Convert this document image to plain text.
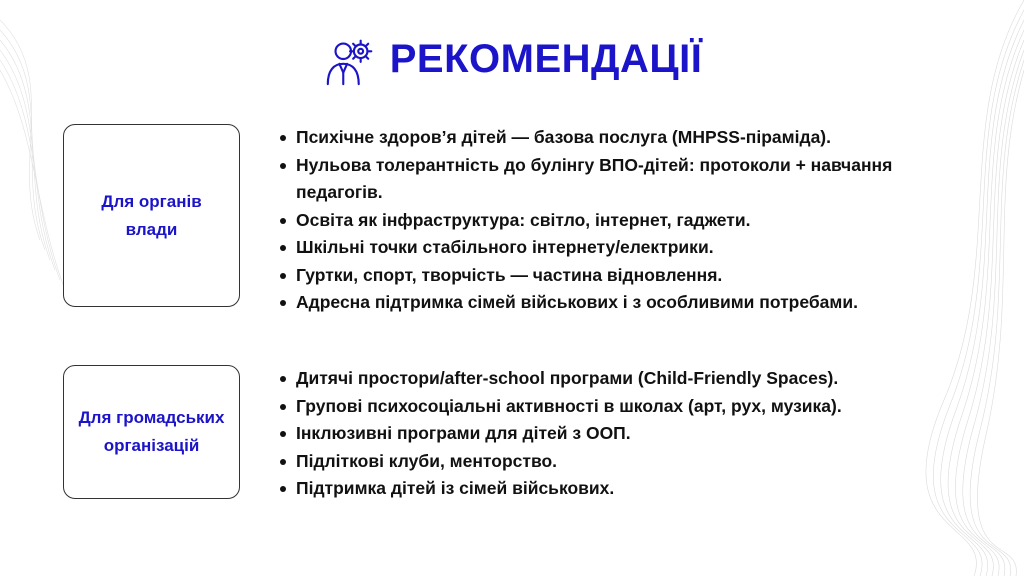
РЕКОМЕНДАЦІЇ
Для органів влади
Психічне здоров’я дітей — базова послуга (MHPSS-піраміда).
Нульова толерантність до булінгу ВПО-дітей: протоколи + навчання педагогів.
Освіта як інфраструктура: світло, інтернет, гаджети.
Шкільні точки стабільного інтернету/електрики.
Гуртки, спорт, творчість — частина відновлення.
Адресна підтримка сімей військових і з особливими потребами.
Для громадських організацій
Дитячі простори/after-school програми (Child-Friendly Spaces).
Групові психосоціальні активності в школах (арт, рух, музика).
Інклюзивні програми для дітей з ООП.
Підліткові клуби, менторство.
Підтримка дітей із сімей військових.
